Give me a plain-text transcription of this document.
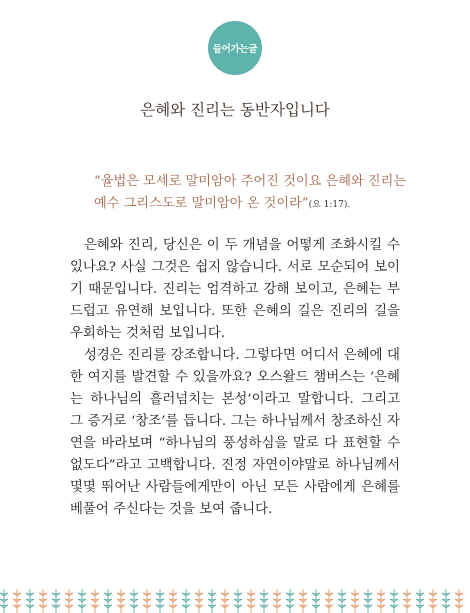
들어가는글
은혜와 진리는 동반자입니다
“율법은 모세로 말미암아 주어진 것이요 은혜와 진리는 예수 그리스도로 말미암아 온 것이라”(요 1:17).

은혜와 진리, 당신은 이 두 개념을 어떻게 조화시킬 수 있나요? 사실 그것은 쉽지 않습니다. 서로 모순되어 보이기 때문입니다. 진리는 엄격하고 강해 보이고, 은혜는 부드럽고 유연해 보입니다. 또한 은혜의 길은 진리의 길을 우회하는 것처럼 보입니다.

성경은 진리를 강조합니다. 그렇다면 어디서 은혜에 대한 여지를 발견할 수 있을까요? 오스왈드 챔버스는 ‘은혜는 하나님의 흘러넘치는 본성’이라고 말합니다. 그리고 그 증거로 ‘창조’를 듭니다. 그는 하나님께서 창조하신 자연을 바라보며 “하나님의 풍성하심을 말로 다 표현할 수 없도다”라고 고백합니다. 진정 자연이야말로 하나님께서 몇몇 뛰어난 사람들에게만이 아닌 모든 사람에게 은혜를 베풀어 주신다는 것을 보여 줍니다.
